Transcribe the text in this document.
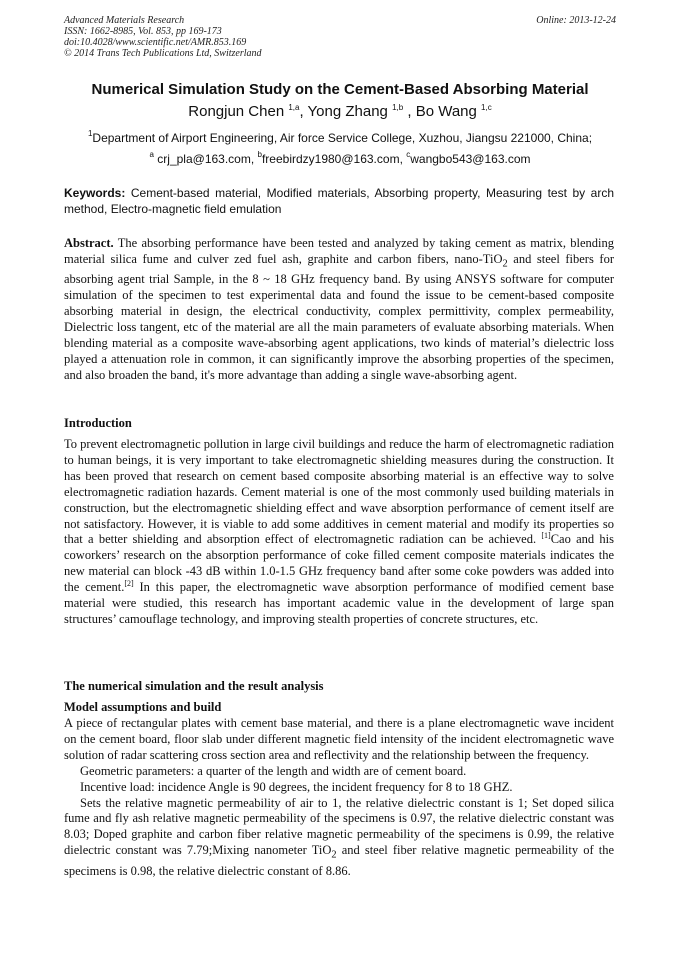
Advanced Materials Research
ISSN: 1662-8985, Vol. 853, pp 169-173
doi:10.4028/www.scientific.net/AMR.853.169
© 2014 Trans Tech Publications Ltd, Switzerland
Online: 2013-12-24
Numerical Simulation Study on the Cement-Based Absorbing Material
Rongjun Chen $^{1,a}$, Yong Zhang $^{1,b}$ , Bo Wang $^{1,c}$
$^1$Department of Airport Engineering, Air force Service College, Xuzhou, Jiangsu 221000, China;
$^a$ crj_pla@163.com, $^b$freebirdzy1980@163.com, $^c$wangbo543@163.com
Keywords: Cement-based material, Modified materials, Absorbing property, Measuring test by arch method, Electro-magnetic field emulation

Abstract. The absorbing performance have been tested and analyzed by taking cement as matrix, blending material silica fume and culver zed fuel ash, graphite and carbon fibers, nano-TiO$_2$ and steel fibers for absorbing agent trial Sample, in the 8 ~ 18 GHz frequency band. By using ANSYS software for computer simulation of the specimen to test experimental data and found the issue to be cement-based composite absorbing material in design, the electrical conductivity, complex permittivity, complex permeability, Dielectric loss tangent, etc of the material are all the main parameters of evaluate absorbing materials. When blending material as a composite wave-absorbing agent applications, two kinds of material’s dielectric loss played a attenuation role in common, it can significantly improve the absorbing properties of the specimen, and also broaden the band, it's more advantage than adding a single wave-absorbing agent.

Introduction

To prevent electromagnetic pollution in large civil buildings and reduce the harm of electromagnetic radiation to human beings, it is very important to take electromagnetic shielding measures during the construction. It has been proved that research on cement based composite absorbing material is an effective way to solve electromagnetic radiation hazards. Cement material is one of the most commonly used building materials in construction, but the electromagnetic shielding effect and wave absorption performance of cement itself are not satisfactory. However, it is viable to add some additives in cement material and modify its properties so that a better shielding and absorption effect of electromagnetic radiation can be achieved. [1]Cao and his coworkers’ research on the absorption performance of coke filled cement composite materials indicates the new material can block -43 dB within 1.0-1.5 GHz frequency band after some coke powders was added into the cement.[2] In this paper, the electromagnetic wave absorption performance of modified cement base material were studied, this research has important academic value in the development of large span structures’ camouflage technology, and improving stealth properties of concrete structures, etc.

The numerical simulation and the result analysis
Model assumptions and build

A piece of rectangular plates with cement base material, and there is a plane electromagnetic wave incident on the cement board, floor slab under different magnetic field intensity of the incident electromagnetic wave solution of radar scattering cross section area and reflectivity and the relationship between the frequency.

Geometric parameters: a quarter of the length and width are of cement board.

Incentive load: incidence Angle is 90 degrees, the incident frequency for 8 to 18 GHZ.

Sets the relative magnetic permeability of air to 1, the relative dielectric constant is 1; Set doped silica fume and fly ash relative magnetic permeability of the specimens is 0.97, the relative dielectric constant was 8.03; Doped graphite and carbon fiber relative magnetic permeability of the specimens is 0.99, the relative dielectric constant was 7.79;Mixing nanometer TiO$_2$ and steel fiber relative magnetic permeability of the specimens is 0.98, the relative dielectric constant of 8.86.
